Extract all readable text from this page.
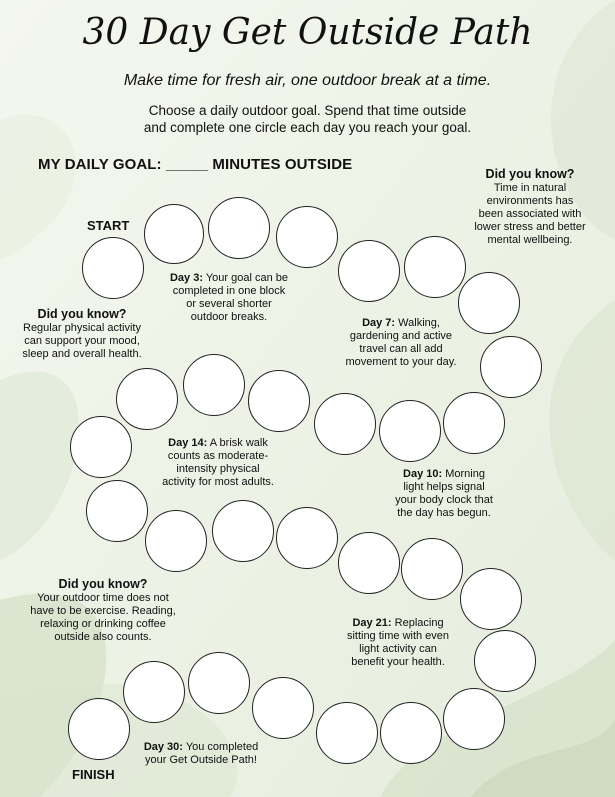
30 Day Get Outside Path
Make time for fresh air, one outdoor break at a time.
Choose a daily outdoor goal. Spend that time outside
and complete one circle each day you reach your goal.
MY DAILY GOAL: _____ MINUTES OUTSIDE
START
FINISH
Did you know?
Time in natural
environments has
been associated with
lower stress and better
mental wellbeing.
Did you know?
Regular physical activity
can support your mood,
sleep and overall health.
Did you know?
Your outdoor time does not
have to be exercise. Reading,
relaxing or drinking coffee
outside also counts.
Day 3: Your goal can be
completed in one block
or several shorter
outdoor breaks.	Day 7: Walking,
gardening and active
travel can all add
movement to your day.
Day 14: A brisk walk
counts as moderate-
intensity physical
activity for most adults.
Day 10: Morning
light helps signal
your body clock that
the day has begun.
Day 21: Replacing
sitting time with even
light activity can
benefit your health.
Day 30: You completed
your Get Outside Path!
